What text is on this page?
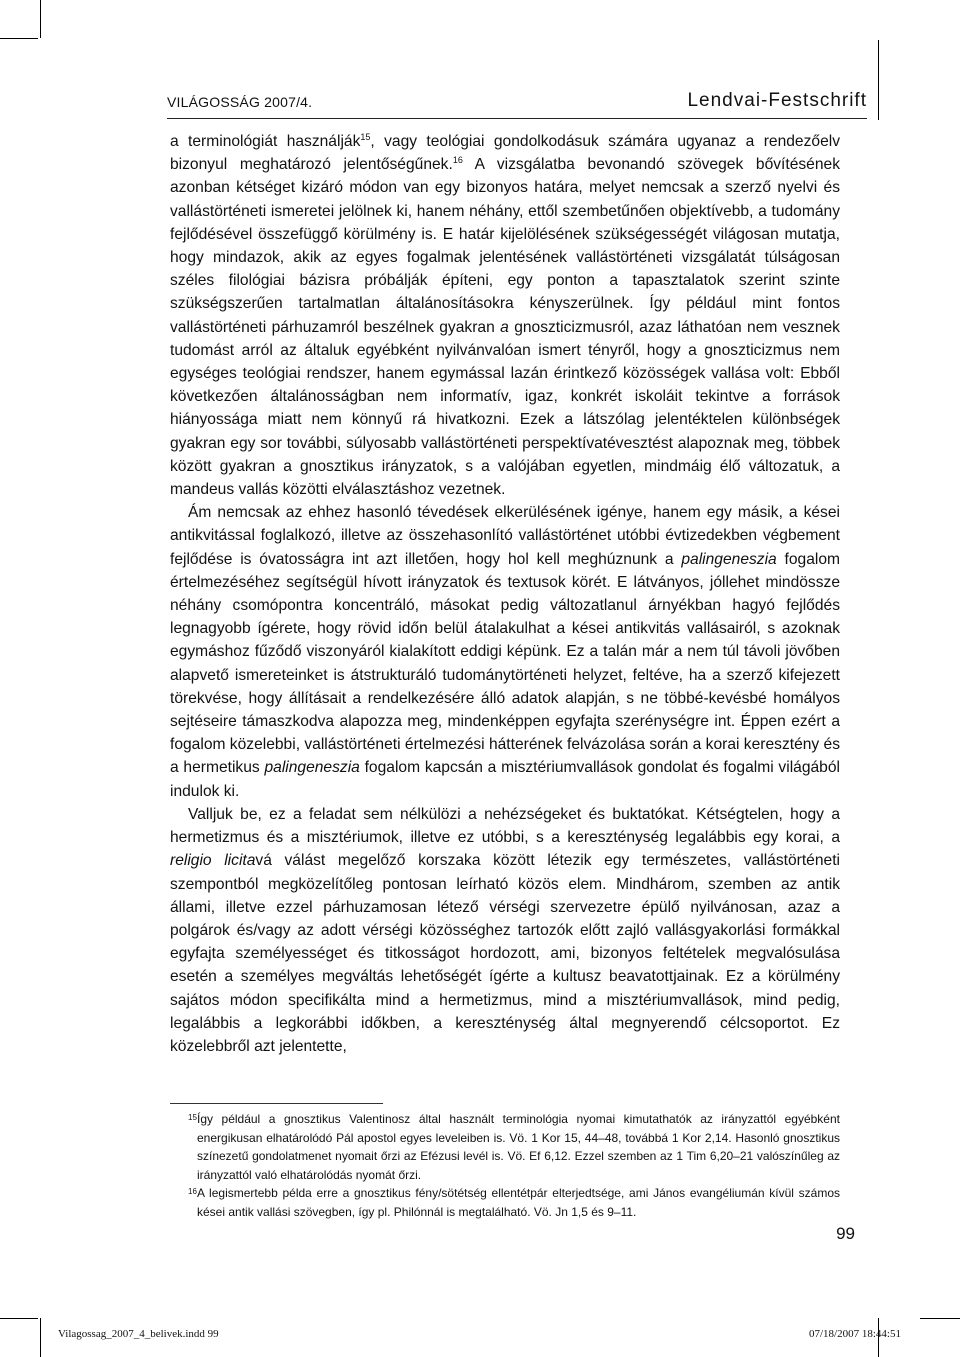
VILÁGOSSÁG 2007/4.	Lendvai-Festschrift

a terminológiát használják$^{15}$, vagy teológiai gondolkodásuk számára ugyanaz a rendezőelv bizonyul meghatározó jelentőségűnek.$^{16}$ A vizsgálatba bevonandó szövegek bővítésének azonban kétséget kizáró módon van egy bizonyos határa, melyet nemcsak a szerző nyelvi és vallástörténeti ismeretei jelölnek ki, hanem néhány, ettől szembetűnően objektívebb, a tudomány fejlődésével összefüggő körülmény is. E határ kijelölésének szükségességét világosan mutatja, hogy mindazok, akik az egyes fogalmak jelentésének vallástörténeti vizsgálatát túlságosan széles filológiai bázisra próbálják építeni, egy ponton a tapasztalatok szerint szinte szükségszerűen tartalmatlan általánosításokra kényszerülnek. Így például mint fontos vallástörténeti párhuzamról beszélnek gyakran a gnoszticizmusról, azaz láthatóan nem vesznek tudomást arról az általuk egyébként nyilvánvalóan ismert tényről, hogy a gnoszticizmus nem egységes teológiai rendszer, hanem egymással lazán érintkező közösségek vallása volt: Ebből következően általánosságban nem informatív, igaz, konkrét iskoláit tekintve a források hiányossága miatt nem könnyű rá hivatkozni. Ezek a látszólag jelentéktelen különbségek gyakran egy sor további, súlyosabb vallástörténeti perspektívatévesztést alapoznak meg, többek között gyakran a gnosztikus irányzatok, s a valójában egyetlen, mindmáig élő változatuk, a mandeus vallás közötti elválasztáshoz vezetnek.

Ám nemcsak az ehhez hasonló tévedések elkerülésének igénye, hanem egy másik, a kései antikvitással foglalkozó, illetve az összehasonlító vallástörténet utóbbi évtizedekben végbement fejlődése is óvatosságra int azt illetően, hogy hol kell meghúznunk a palingeneszia fogalom értelmezéséhez segítségül hívott irányzatok és textusok körét. E látványos, jóllehet mindössze néhány csomópontra koncentráló, másokat pedig változatlanul árnyékban hagyó fejlődés legnagyobb ígérete, hogy rövid időn belül átalakulhat a kései antikvitás vallásairól, s azoknak egymáshoz fűződő viszonyáról kialakított eddigi képünk. Ez a talán már a nem túl távoli jövőben alapvető ismereteinket is átstrukturáló tudománytörténeti helyzet, feltéve, ha a szerző kifejezett törekvése, hogy állításait a rendelkezésére álló adatok alapján, s ne többé-kevésbé homályos sejtéseire támaszkodva alapozza meg, mindenképpen egyfajta szerénységre int. Éppen ezért a fogalom közelebbi, vallástörténeti értelmezési hátterének felvázolása során a korai keresztény és a hermetikus palingeneszia fogalom kapcsán a misztériumvallások gondolat és fogalmi világából indulok ki.

Valljuk be, ez a feladat sem nélkülözi a nehézségeket és buktatókat. Kétségtelen, hogy a hermetizmus és a misztériumok, illetve ez utóbbi, s a kereszténység legalábbis egy korai, a religio licitavá válást megelőző korszaka között létezik egy természetes, vallástörténeti szempontból megközelítőleg pontosan leírható közös elem. Mindhárom, szemben az antik állami, illetve ezzel párhuzamosan létező vérségi szervezetre épülő nyilvánosan, azaz a polgárok és/vagy az adott vérségi közösséghez tartozók előtt zajló vallásgyakorlási formákkal egyfajta személyességet és titkosságot hordozott, ami, bizonyos feltételek megvalósulása esetén a személyes megváltás lehetőségét ígérte a kultusz beavatottjainak. Ez a körülmény sajátos módon specifikálta mind a hermetizmus, mind a misztériumvallások, mind pedig, legalábbis a legkorábbi időkben, a kereszténység által megnyerendő célcsoportot. Ez közelebbről azt jelentette,

15 Így például a gnosztikus Valentinosz által használt terminológia nyomai kimutathatók az irányzattól egyébként energikusan elhatárolódó Pál apostol egyes leveleiben is. Vö. 1 Kor 15, 44–48, továbbá 1 Kor 2,14. Hasonló gnosztikus színezetű gondolatmenet nyomait őrzi az Efézusi levél is. Vö. Ef 6,12. Ezzel szemben az 1 Tim 6,20–21 valószínűleg az irányzattól való elhatárolódás nyomát őrzi.

16 A legismertebb példa erre a gnosztikus fény/sötétség ellentétpár elterjedtsége, ami János evangéliumán kívül számos kései antik vallási szövegben, így pl. Philónnál is megtalálható. Vö. Jn 1,5 és 9–11.

99
Vilagossag_2007_4_belivek.indd 99	07/18/2007 18:44:51
